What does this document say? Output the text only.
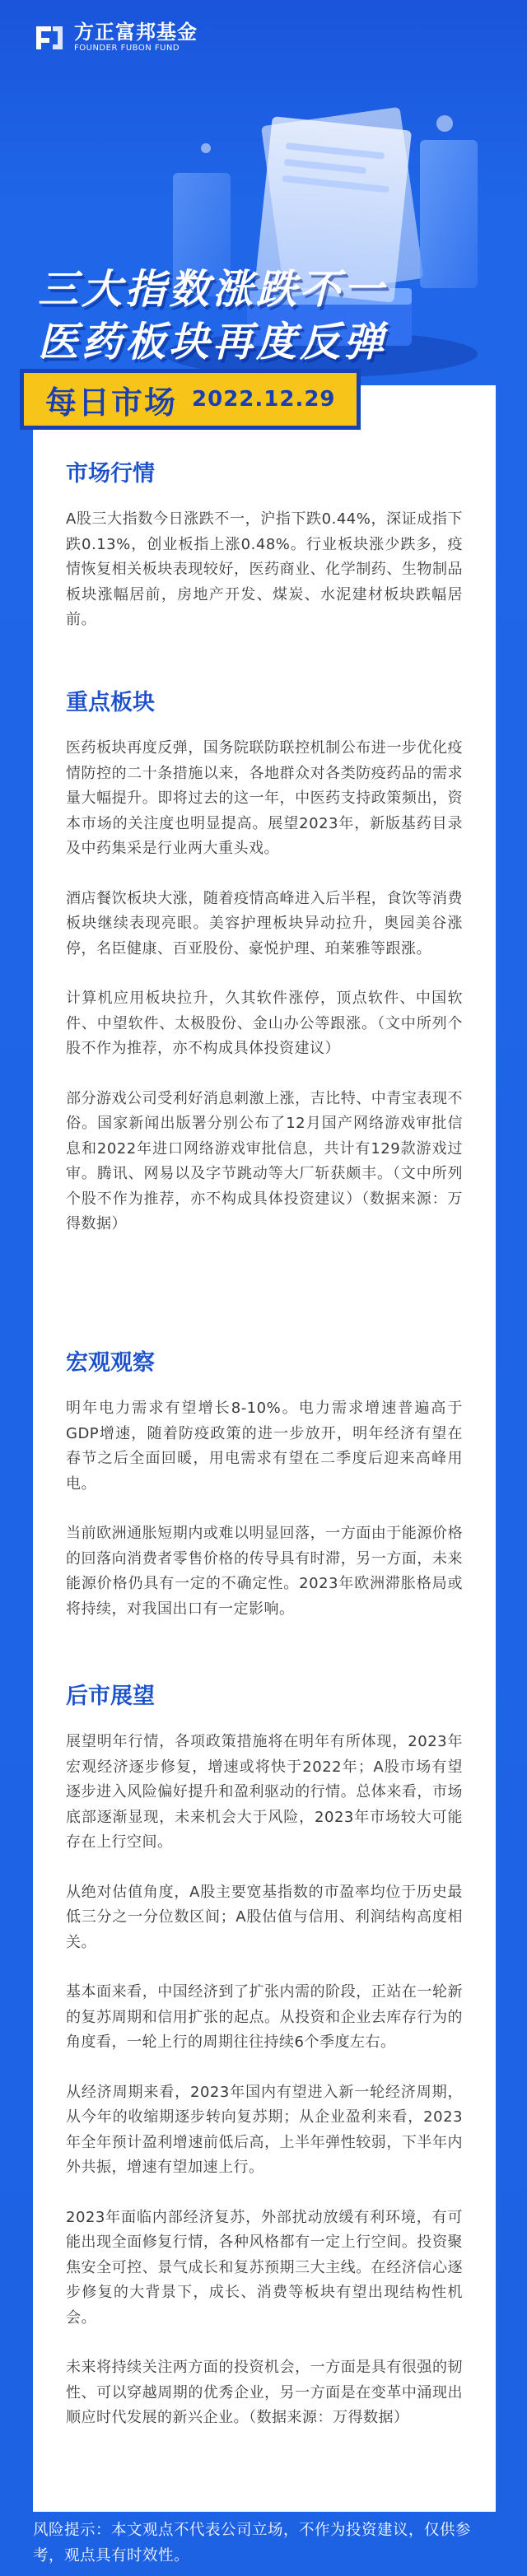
方正富邦基金
FOUNDER FUBON FUND
三大指数涨跌不一
医药板块再度反弹
每日市场 2022.12.29
市场行情

A股三大指数今日涨跌不一，沪指下跌0.44%，深证成指下跌0.13%，创业板指上涨0.48%。行业板块涨少跌多，疫情恢复相关板块表现较好，医药商业、化学制药、生物制品板块涨幅居前，房地产开发、煤炭、水泥建材板块跌幅居前。

重点板块

医药板块再度反弹，国务院联防联控机制公布进一步优化疫情防控的二十条措施以来，各地群众对各类防疫药品的需求量大幅提升。即将过去的这一年，中医药支持政策频出，资本市场的关注度也明显提高。展望2023年，新版基药目录及中药集采是行业两大重头戏。

酒店餐饮板块大涨，随着疫情高峰进入后半程，食饮等消费板块继续表现亮眼。美容护理板块异动拉升，奥园美谷涨停，名臣健康、百亚股份、豪悦护理、珀莱雅等跟涨。

计算机应用板块拉升，久其软件涨停，顶点软件、中国软件、中望软件、太极股份、金山办公等跟涨。（文中所列个股不作为推荐，亦不构成具体投资建议）

部分游戏公司受利好消息刺激上涨，吉比特、中青宝表现不俗。国家新闻出版署分别公布了12月国产网络游戏审批信息和2022年进口网络游戏审批信息，共计有129款游戏过审。腾讯、网易以及字节跳动等大厂斩获颇丰。（文中所列个股不作为推荐，亦不构成具体投资建议）（数据来源：万得数据）

宏观观察

明年电力需求有望增长8-10%。电力需求增速普遍高于GDP增速，随着防疫政策的进一步放开，明年经济有望在春节之后全面回暖，用电需求有望在二季度后迎来高峰用电。

当前欧洲通胀短期内或难以明显回落，一方面由于能源价格的回落向消费者零售价格的传导具有时滞，另一方面，未来能源价格仍具有一定的不确定性。2023年欧洲滞胀格局或将持续，对我国出口有一定影响。

后市展望

展望明年行情，各项政策措施将在明年有所体现，2023年宏观经济逐步修复，增速或将快于2022年；A股市场有望逐步进入风险偏好提升和盈利驱动的行情。总体来看，市场底部逐渐显现，未来机会大于风险，2023年市场较大可能存在上行空间。

从绝对估值角度，A股主要宽基指数的市盈率均位于历史最低三分之一分位数区间；A股估值与信用、利润结构高度相关。

基本面来看，中国经济到了扩张内需的阶段，正站在一轮新的复苏周期和信用扩张的起点。从投资和企业去库存行为的角度看，一轮上行的周期往往持续6个季度左右。

从经济周期来看，2023年国内有望进入新一轮经济周期，从今年的收缩期逐步转向复苏期；从企业盈利来看，2023年全年预计盈利增速前低后高，上半年弹性较弱，下半年内外共振，增速有望加速上行。

2023年面临内部经济复苏，外部扰动放缓有利环境，有可能出现全面修复行情，各种风格都有一定上行空间。投资聚焦安全可控、景气成长和复苏预期三大主线。在经济信心逐步修复的大背景下，成长、消费等板块有望出现结构性机会。

未来将持续关注两方面的投资机会，一方面是具有很强的韧性、可以穿越周期的优秀企业，另一方面是在变革中涌现出顺应时代发展的新兴企业。（数据来源：万得数据）

风险提示：本文观点不代表公司立场，不作为投资建议，仅供参考，观点具有时效性。
